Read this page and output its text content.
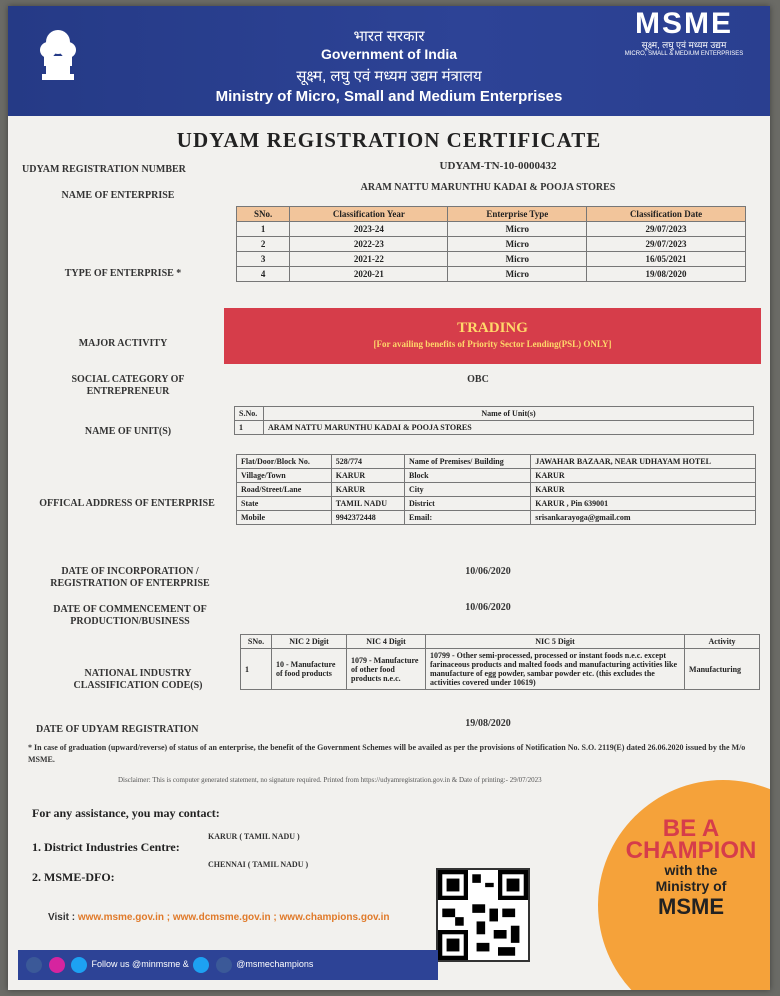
भारत सरकार
Government of India
सूक्ष्म, लघु एवं मध्यम उद्यम मंत्रालय
Ministry of Micro, Small and Medium Enterprises
MSME
सूक्ष्म, लघु एवं मध्यम उद्यम
MICRO, SMALL & MEDIUM ENTERPRISES
UDYAM REGISTRATION CERTIFICATE
UDYAM REGISTRATION NUMBER	UDYAM-TN-10-0000432
NAME OF ENTERPRISE
ARAM NATTU MARUNTHU KADAI & POOJA STORES
TYPE OF ENTERPRISE *
SNo.	Classification Year	Enterprise Type	Classification Date
1	2023-24	Micro	29/07/2023
2	2022-23	Micro	29/07/2023
3	2021-22	Micro	16/05/2021
4	2020-21	Micro	19/08/2020
MAJOR ACTIVITY
TRADING
[For availing benefits of Priority Sector Lending(PSL) ONLY]
SOCIAL CATEGORY OF ENTREPRENEUR
OBC
NAME OF UNIT(S)
S.No.	Name of Unit(s)
1	ARAM NATTU MARUNTHU KADAI & POOJA STORES
OFFICAL ADDRESS OF ENTERPRISE
Flat/Door/Block No.	528/774	Name of Premises/ Building	JAWAHAR BAZAAR, NEAR UDHAYAM HOTEL
Village/Town	KARUR	Block	KARUR
Road/Street/Lane	KARUR	City	KARUR
State	TAMIL NADU	District	KARUR , Pin 639001
Mobile	9942372448	Email:	srisankarayoga@gmail.com
DATE OF INCORPORATION / REGISTRATION OF ENTERPRISE
10/06/2020
DATE OF COMMENCEMENT OF PRODUCTION/BUSINESS
10/06/2020
NATIONAL INDUSTRY CLASSIFICATION CODE(S)
SNo.	NIC 2 Digit	NIC 4 Digit	NIC 5 Digit	Activity
1	10 - Manufacture of food products	1079 - Manufacture of other food products n.e.c.	10799 - Other semi-processed, processed or instant foods n.e.c. except farinaceous products and malted foods and manufacturing activities like manufacture of egg powder, sambar powder etc. (this excludes the activities covered under 10619)	Manufacturing
DATE OF UDYAM REGISTRATION
19/08/2020
* In case of graduation (upward/reverse) of status of an enterprise, the benefit of the Government Schemes will be availed as per the provisions of Notification No. S.O. 2119(E) dated 26.06.2020 issued by the M/o MSME.
Disclaimer: This is computer generated statement, no signature required. Printed from https://udyamregistration.gov.in & Date of printing:- 29/07/2023
For any assistance, you may contact:
1. District Industries Centre:
KARUR ( TAMIL NADU )
2. MSME-DFO:
CHENNAI ( TAMIL NADU )
BE A
CHAMPION
with the
Ministry of
MSME
Visit : www.msme.gov.in ; www.dcmsme.gov.in ; www.champions.gov.in
Follow us @minmsme &	@msmechampions
